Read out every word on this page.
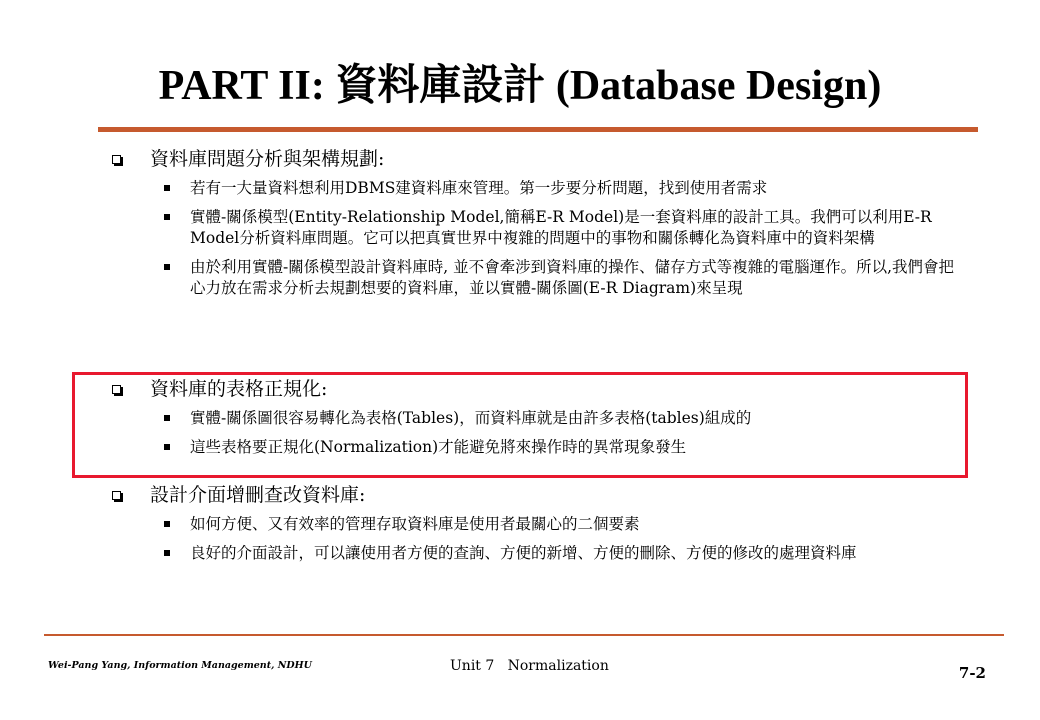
PART II: 資料庫設計 (Database Design)
資料庫問題分析與架構規劃:
若有一大量資料想利用DBMS建資料庫來管理。第一步要分析問題，找到使用者需求
實體-關係模型(Entity-Relationship Model,簡稱E-R Model)是一套資料庫的設計工具。我們可以利用E-R Model分析資料庫問題。它可以把真實世界中複雜的問題中的事物和關係轉化為資料庫中的資料架構
由於利用實體-關係模型設計資料庫時, 並不會牽涉到資料庫的操作、儲存方式等複雜的電腦運作。所以,我們會把心力放在需求分析去規劃想要的資料庫，並以實體-關係圖(E-R Diagram)來呈現
資料庫的表格正規化:
實體-關係圖很容易轉化為表格(Tables)，而資料庫就是由許多表格(tables)組成的
這些表格要正規化(Normalization)才能避免將來操作時的異常現象發生
設計介面增刪查改資料庫:
如何方便、又有效率的管理存取資料庫是使用者最關心的二個要素
良好的介面設計，可以讓使用者方便的查詢、方便的新增、方便的刪除、方便的修改的處理資料庫
Wei-Pang Yang, Information Management, NDHU	Unit 7   Normalization	7-2
